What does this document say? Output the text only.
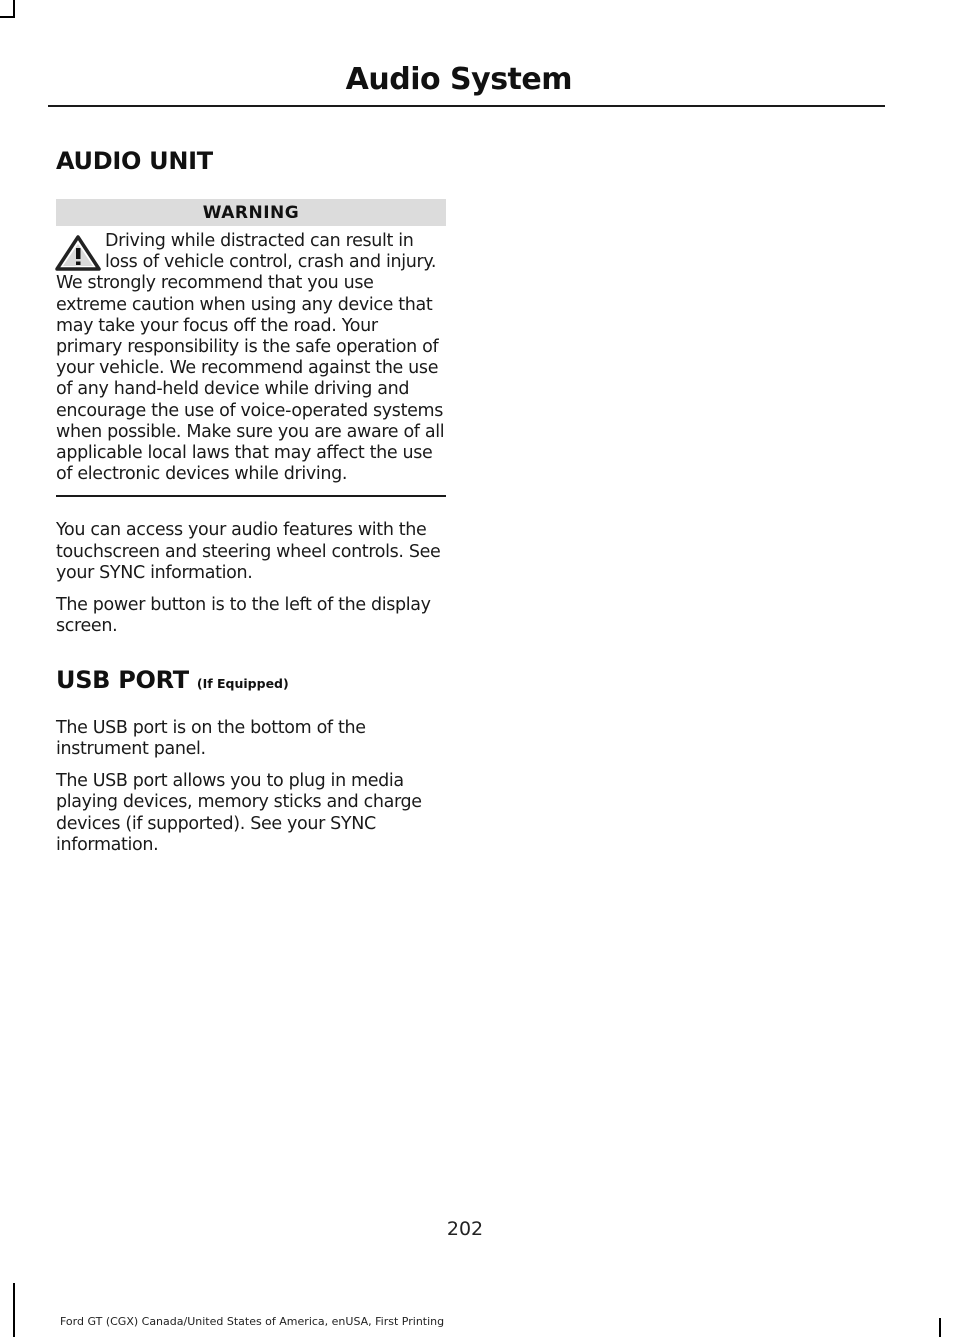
Audio System
AUDIO UNIT
WARNING
Driving while distracted can result in loss of vehicle control, crash and injury. We strongly recommend that you use extreme caution when using any device that may take your focus off the road. Your primary responsibility is the safe operation of your vehicle. We recommend against the use of any hand-held device while driving and encourage the use of voice-operated systems when possible. Make sure you are aware of all applicable local laws that may affect the use of electronic devices while driving.

You can access your audio features with the touchscreen and steering wheel controls. See your SYNC information.

The power button is to the left of the display screen.

USB PORT (If Equipped)

The USB port is on the bottom of the instrument panel.

The USB port allows you to plug in media playing devices, memory sticks and charge devices (if supported). See your SYNC information.

202
Ford GT (CGX) Canada/United States of America, enUSA, First Printing
